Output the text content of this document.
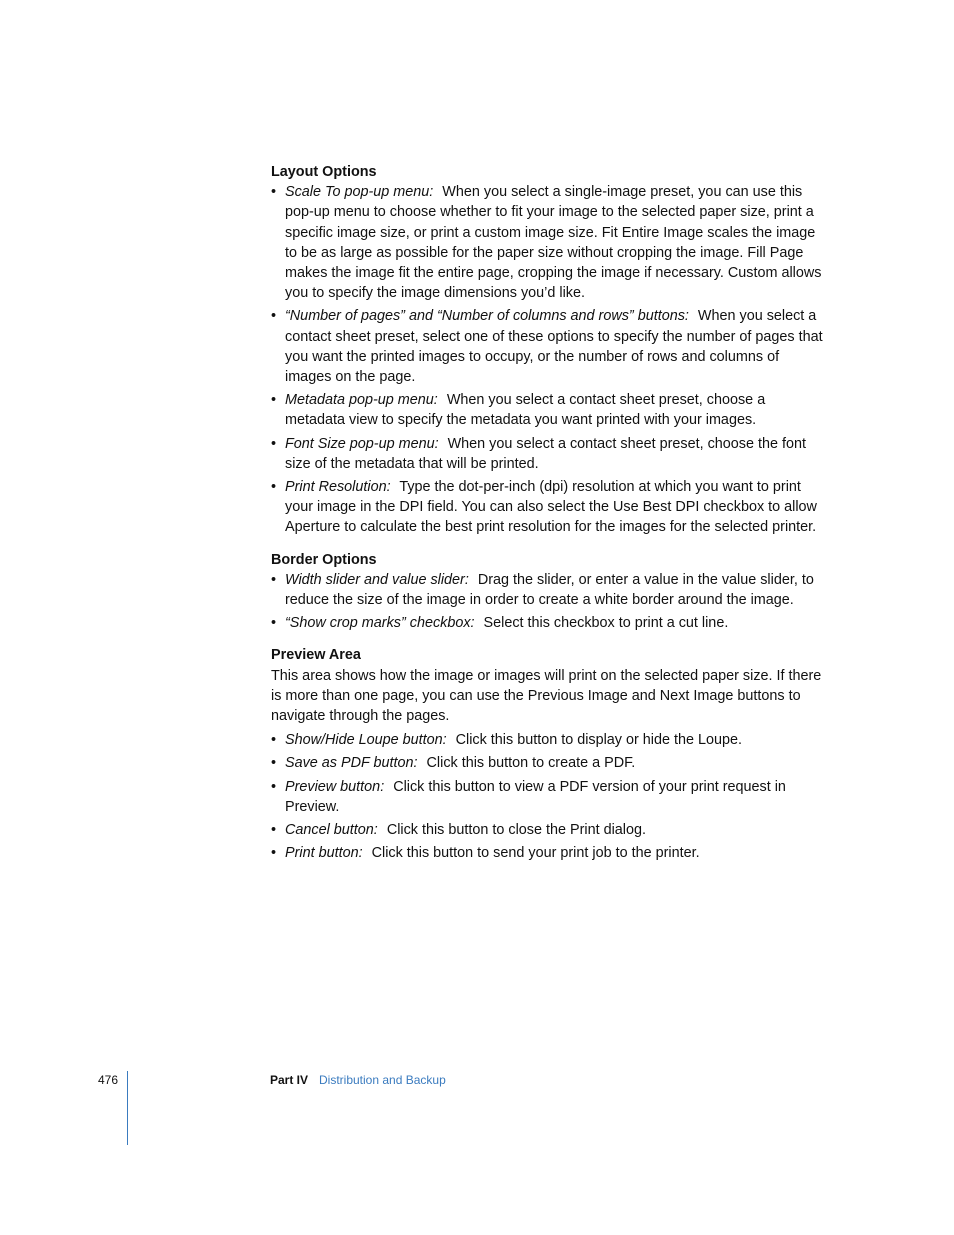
Layout Options
• Scale To pop-up menu: When you select a single-image preset, you can use this pop-up menu to choose whether to fit your image to the selected paper size, print a specific image size, or print a custom image size. Fit Entire Image scales the image to be as large as possible for the paper size without cropping the image. Fill Page makes the image fit the entire page, cropping the image if necessary. Custom allows you to specify the image dimensions you’d like.
• “Number of pages” and “Number of columns and rows” buttons: When you select a contact sheet preset, select one of these options to specify the number of pages that you want the printed images to occupy, or the number of rows and columns of images on the page.
• Metadata pop-up menu: When you select a contact sheet preset, choose a metadata view to specify the metadata you want printed with your images.
• Font Size pop-up menu: When you select a contact sheet preset, choose the font size of the metadata that will be printed.
• Print Resolution: Type the dot-per-inch (dpi) resolution at which you want to print your image in the DPI field. You can also select the Use Best DPI checkbox to allow Aperture to calculate the best print resolution for the images for the selected printer.
Border Options
• Width slider and value slider: Drag the slider, or enter a value in the value slider, to reduce the size of the image in order to create a white border around the image.
• “Show crop marks” checkbox: Select this checkbox to print a cut line.
Preview Area

This area shows how the image or images will print on the selected paper size. If there is more than one page, you can use the Previous Image and Next Image buttons to navigate through the pages.

• Show/Hide Loupe button: Click this button to display or hide the Loupe.
• Save as PDF button: Click this button to create a PDF.
• Preview button: Click this button to view a PDF version of your print request in Preview.
• Cancel button: Click this button to close the Print dialog.
• Print button: Click this button to send your print job to the printer.
476	Part IV Distribution and Backup
